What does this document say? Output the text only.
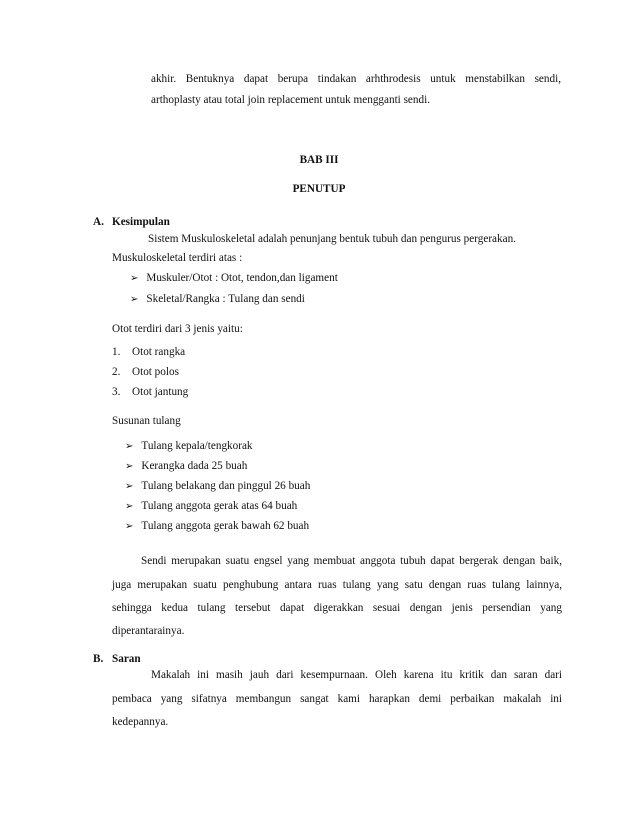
akhir. Bentuknya dapat berupa tindakan arhthrodesis untuk menstabilkan sendi,
arthoplasty atau total join replacement untuk mengganti sendi.
BAB III
PENUTUP
A. Kesimpulan
Sistem Muskuloskeletal adalah penunjang bentuk tubuh dan pengurus pergerakan.
Muskuloskeletal terdiri atas :
➢ Muskuler/Otot : Otot, tendon,dan ligament
➢ Skeletal/Rangka : Tulang dan sendi
Otot terdiri dari 3 jenis yaitu:
1. Otot rangka
2. Otot polos
3. Otot jantung
Susunan tulang
➢ Tulang kepala/tengkorak
➢ Kerangka dada 25 buah
➢ Tulang belakang dan pinggul 26 buah
➢ Tulang anggota gerak atas 64 buah
➢ Tulang anggota gerak bawah 62 buah
Sendi merupakan suatu engsel yang membuat anggota tubuh dapat bergerak dengan baik,
juga merupakan suatu penghubung antara ruas tulang yang satu dengan ruas tulang lainnya,
sehingga kedua tulang tersebut dapat digerakkan sesuai dengan jenis persendian yang
diperantarainya.
B. Saran
Makalah ini masih jauh dari kesempurnaan. Oleh karena itu kritik dan saran dari
pembaca yang sifatnya membangun sangat kami harapkan demi perbaikan makalah ini
kedepannya.
